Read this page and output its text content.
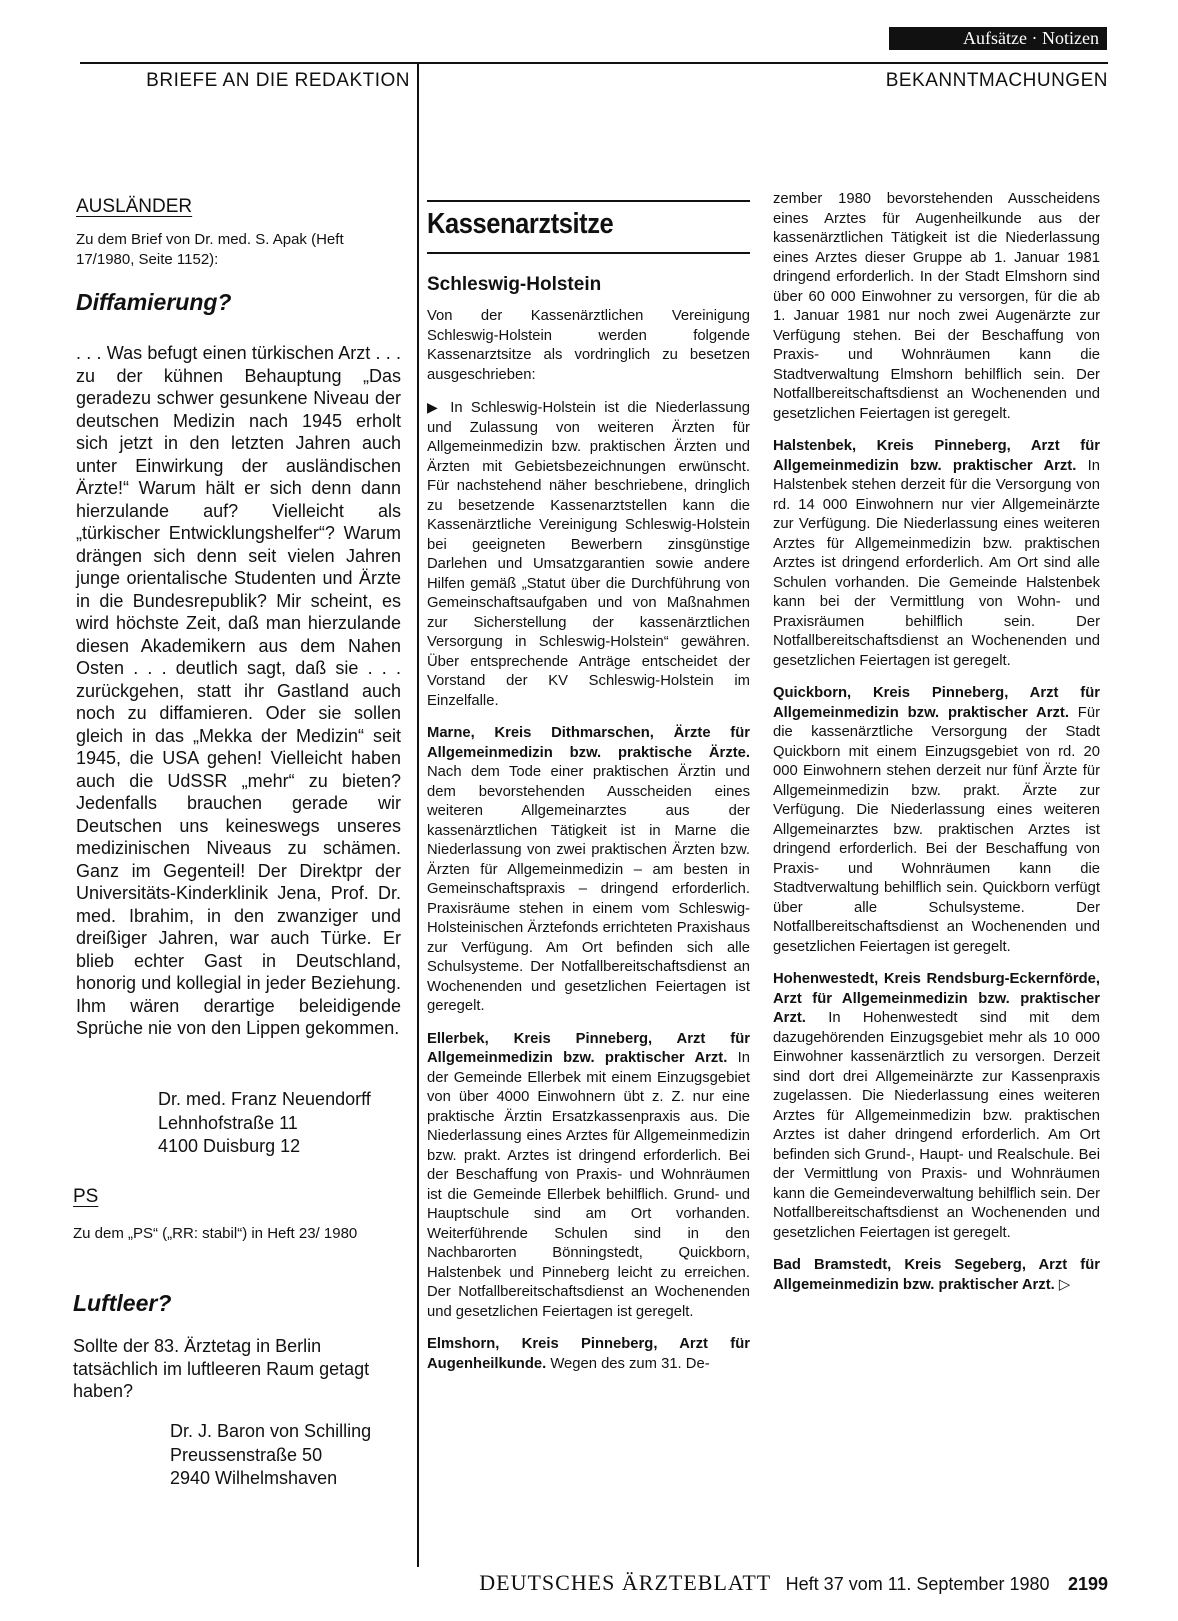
Aufsätze · Notizen
BRIEFE AN DIE REDAKTION	BEKANNTMACHUNGEN
AUSLÄNDER
Zu dem Brief von Dr. med. S. Apak (Heft 17/1980, Seite 1152):
Diffamierung?

. . . Was befugt einen türkischen Arzt . . . zu der kühnen Behauptung „Das geradezu schwer gesunkene Niveau der deutschen Medizin nach 1945 erholt sich jetzt in den letzten Jahren auch unter Einwirkung der ausländischen Ärzte!“ Warum hält er sich denn dann hierzulande auf? Vielleicht als „türkischer Entwicklungshelfer“? Warum drängen sich denn seit vielen Jahren junge orientalische Studenten und Ärzte in die Bundesrepublik? Mir scheint, es wird höchste Zeit, daß man hierzulande diesen Akademikern aus dem Nahen Osten . . . deutlich sagt, daß sie . . . zurückgehen, statt ihr Gastland auch noch zu diffamieren. Oder sie sollen gleich in das „Mekka der Medizin“ seit 1945, die USA gehen! Vielleicht haben auch die UdSSR „mehr“ zu bieten? Jedenfalls brauchen gerade wir Deutschen uns keineswegs unseres medizinischen Niveaus zu schämen. Ganz im Gegenteil! Der Direktpr der Universitäts-Kinderklinik Jena, Prof. Dr. med. Ibrahim, in den zwanziger und dreißiger Jahren, war auch Türke. Er blieb echter Gast in Deutschland, honorig und kollegial in jeder Beziehung. Ihm wären derartige beleidigende Sprüche nie von den Lippen gekommen.

Dr. med. Franz Neuendorff
Lehnhofstraße 11
4100 Duisburg 12
PS
Zu dem „PS“ („RR: stabil“) in Heft 23/ 1980
Luftleer?

Sollte der 83. Ärztetag in Berlin tatsächlich im luftleeren Raum getagt haben?

Dr. J. Baron von Schilling
Preussenstraße 50
2940 Wilhelmshaven
Kassenarztsitze
Schleswig-Holstein

Von der Kassenärztlichen Vereinigung Schleswig-Holstein werden folgende Kassenarztsitze als vordringlich zu besetzen ausgeschrieben:

▶ In Schleswig-Holstein ist die Niederlassung und Zulassung von weiteren Ärzten für Allgemeinmedizin bzw. praktischen Ärzten und Ärzten mit Gebietsbezeichnungen erwünscht. Für nachstehend näher beschriebene, dringlich zu besetzende Kassenarztstellen kann die Kassenärztliche Vereinigung Schleswig-Holstein bei geeigneten Bewerbern zinsgünstige Darlehen und Umsatzgarantien sowie andere Hilfen gemäß „Statut über die Durchführung von Gemeinschaftsaufgaben und von Maßnahmen zur Sicherstellung der kassenärztlichen Versorgung in Schleswig-Holstein“ gewähren. Über entsprechende Anträge entscheidet der Vorstand der KV Schleswig-Holstein im Einzelfalle.

Marne, Kreis Dithmarschen, Ärzte für Allgemeinmedizin bzw. praktische Ärzte. Nach dem Tode einer praktischen Ärztin und dem bevorstehenden Ausscheiden eines weiteren Allgemeinarztes aus der kassenärztlichen Tätigkeit ist in Marne die Niederlassung von zwei praktischen Ärzten bzw. Ärzten für Allgemeinmedizin – am besten in Gemeinschaftspraxis – dringend erforderlich. Praxisräume stehen in einem vom Schleswig-Holsteinischen Ärztefonds errichteten Praxishaus zur Verfügung. Am Ort befinden sich alle Schulsysteme. Der Notfallbereitschaftsdienst an Wochenenden und gesetzlichen Feiertagen ist geregelt.

Ellerbek, Kreis Pinneberg, Arzt für Allgemeinmedizin bzw. praktischer Arzt. In der Gemeinde Ellerbek mit einem Einzugsgebiet von über 4000 Einwohnern übt z. Z. nur eine praktische Ärztin Ersatzkassenpraxis aus. Die Niederlassung eines Arztes für Allgemeinmedizin bzw. prakt. Arztes ist dringend erforderlich. Bei der Beschaffung von Praxis- und Wohnräumen ist die Gemeinde Ellerbek behilflich. Grund- und Hauptschule sind am Ort vorhanden. Weiterführende Schulen sind in den Nachbarorten Bönningstedt, Quickborn, Halstenbek und Pinneberg leicht zu erreichen. Der Notfallbereitschaftsdienst an Wochenenden und gesetzlichen Feiertagen ist geregelt.

Elmshorn, Kreis Pinneberg, Arzt für Augenheilkunde. Wegen des zum 31. De-

zember 1980 bevorstehenden Ausscheidens eines Arztes für Augenheilkunde aus der kassenärztlichen Tätigkeit ist die Niederlassung eines Arztes dieser Gruppe ab 1. Januar 1981 dringend erforderlich. In der Stadt Elmshorn sind über 60 000 Einwohner zu versorgen, für die ab 1. Januar 1981 nur noch zwei Augenärzte zur Verfügung stehen. Bei der Beschaffung von Praxis- und Wohnräumen kann die Stadtverwaltung Elmshorn behilflich sein. Der Notfallbereitschaftsdienst an Wochenenden und gesetzlichen Feiertagen ist geregelt.

Halstenbek, Kreis Pinneberg, Arzt für Allgemeinmedizin bzw. praktischer Arzt. In Halstenbek stehen derzeit für die Versorgung von rd. 14 000 Einwohnern nur vier Allgemeinärzte zur Verfügung. Die Niederlassung eines weiteren Arztes für Allgemeinmedizin bzw. praktischen Arztes ist dringend erforderlich. Am Ort sind alle Schulen vorhanden. Die Gemeinde Halstenbek kann bei der Vermittlung von Wohn- und Praxisräumen behilflich sein. Der Notfallbereitschaftsdienst an Wochenenden und gesetzlichen Feiertagen ist geregelt.

Quickborn, Kreis Pinneberg, Arzt für Allgemeinmedizin bzw. praktischer Arzt. Für die kassenärztliche Versorgung der Stadt Quickborn mit einem Einzugsgebiet von rd. 20 000 Einwohnern stehen derzeit nur fünf Ärzte für Allgemeinmedizin bzw. prakt. Ärzte zur Verfügung. Die Niederlassung eines weiteren Allgemeinarztes bzw. praktischen Arztes ist dringend erforderlich. Bei der Beschaffung von Praxis- und Wohnräumen kann die Stadtverwaltung behilflich sein. Quickborn verfügt über alle Schulsysteme. Der Notfallbereitschaftsdienst an Wochenenden und gesetzlichen Feiertagen ist geregelt.

Hohenwestedt, Kreis Rendsburg-Eckernförde, Arzt für Allgemeinmedizin bzw. praktischer Arzt. In Hohenwestedt sind mit dem dazugehörenden Einzugsgebiet mehr als 10 000 Einwohner kassenärztlich zu versorgen. Derzeit sind dort drei Allgemeinärzte zur Kassenpraxis zugelassen. Die Niederlassung eines weiteren Arztes für Allgemeinmedizin bzw. praktischen Arztes ist daher dringend erforderlich. Am Ort befinden sich Grund-, Haupt- und Realschule. Bei der Vermittlung von Praxis- und Wohnräumen kann die Gemeindeverwaltung behilflich sein. Der Notfallbereitschaftsdienst an Wochenenden und gesetzlichen Feiertagen ist geregelt.

Bad Bramstedt, Kreis Segeberg, Arzt für Allgemeinmedizin bzw. praktischer Arzt. ▷

DEUTSCHES ÄRZTEBLATT Heft 37 vom 11. September 1980 2199
